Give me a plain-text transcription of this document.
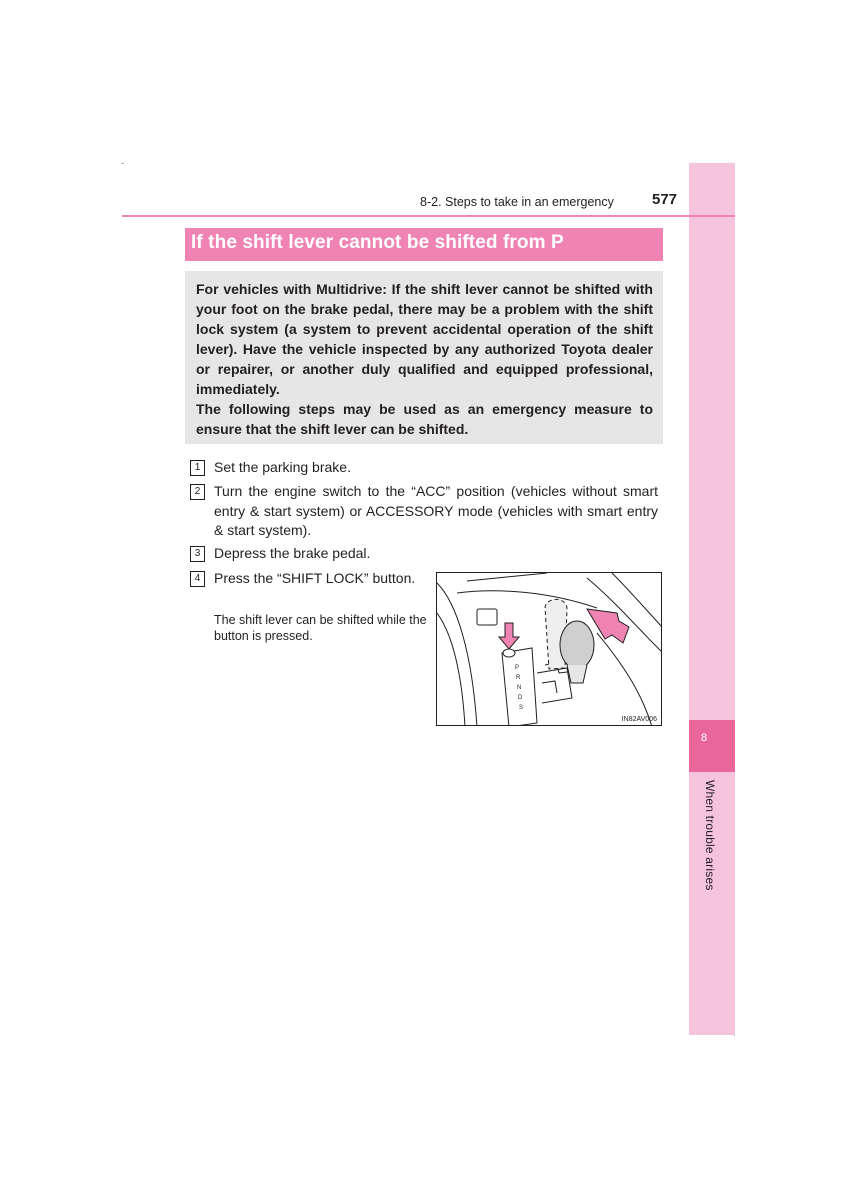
8
When trouble arises
8-2. Steps to take in an emergency	577
If the shift lever cannot be shifted from P

For vehicles with Multidrive: If the shift lever cannot be shifted with your foot on the brake pedal, there may be a problem with the shift lock system (a system to prevent accidental operation of the shift lever). Have the vehicle inspected by any authorized Toyota dealer or repairer, or another duly qualified and equipped professional, immediately.

The following steps may be used as an emergency measure to ensure that the shift lever can be shifted.

1 Set the parking brake.
2 Turn the engine switch to the “ACC” position (vehicles without smart entry & start system) or ACCESSORY mode (vehicles with smart entry & start system).
3 Depress the brake pedal.
4 Press the “SHIFT LOCK” button.
The shift lever can be shifted while the button is pressed.
P
R
N
D
S
IN82AV006
